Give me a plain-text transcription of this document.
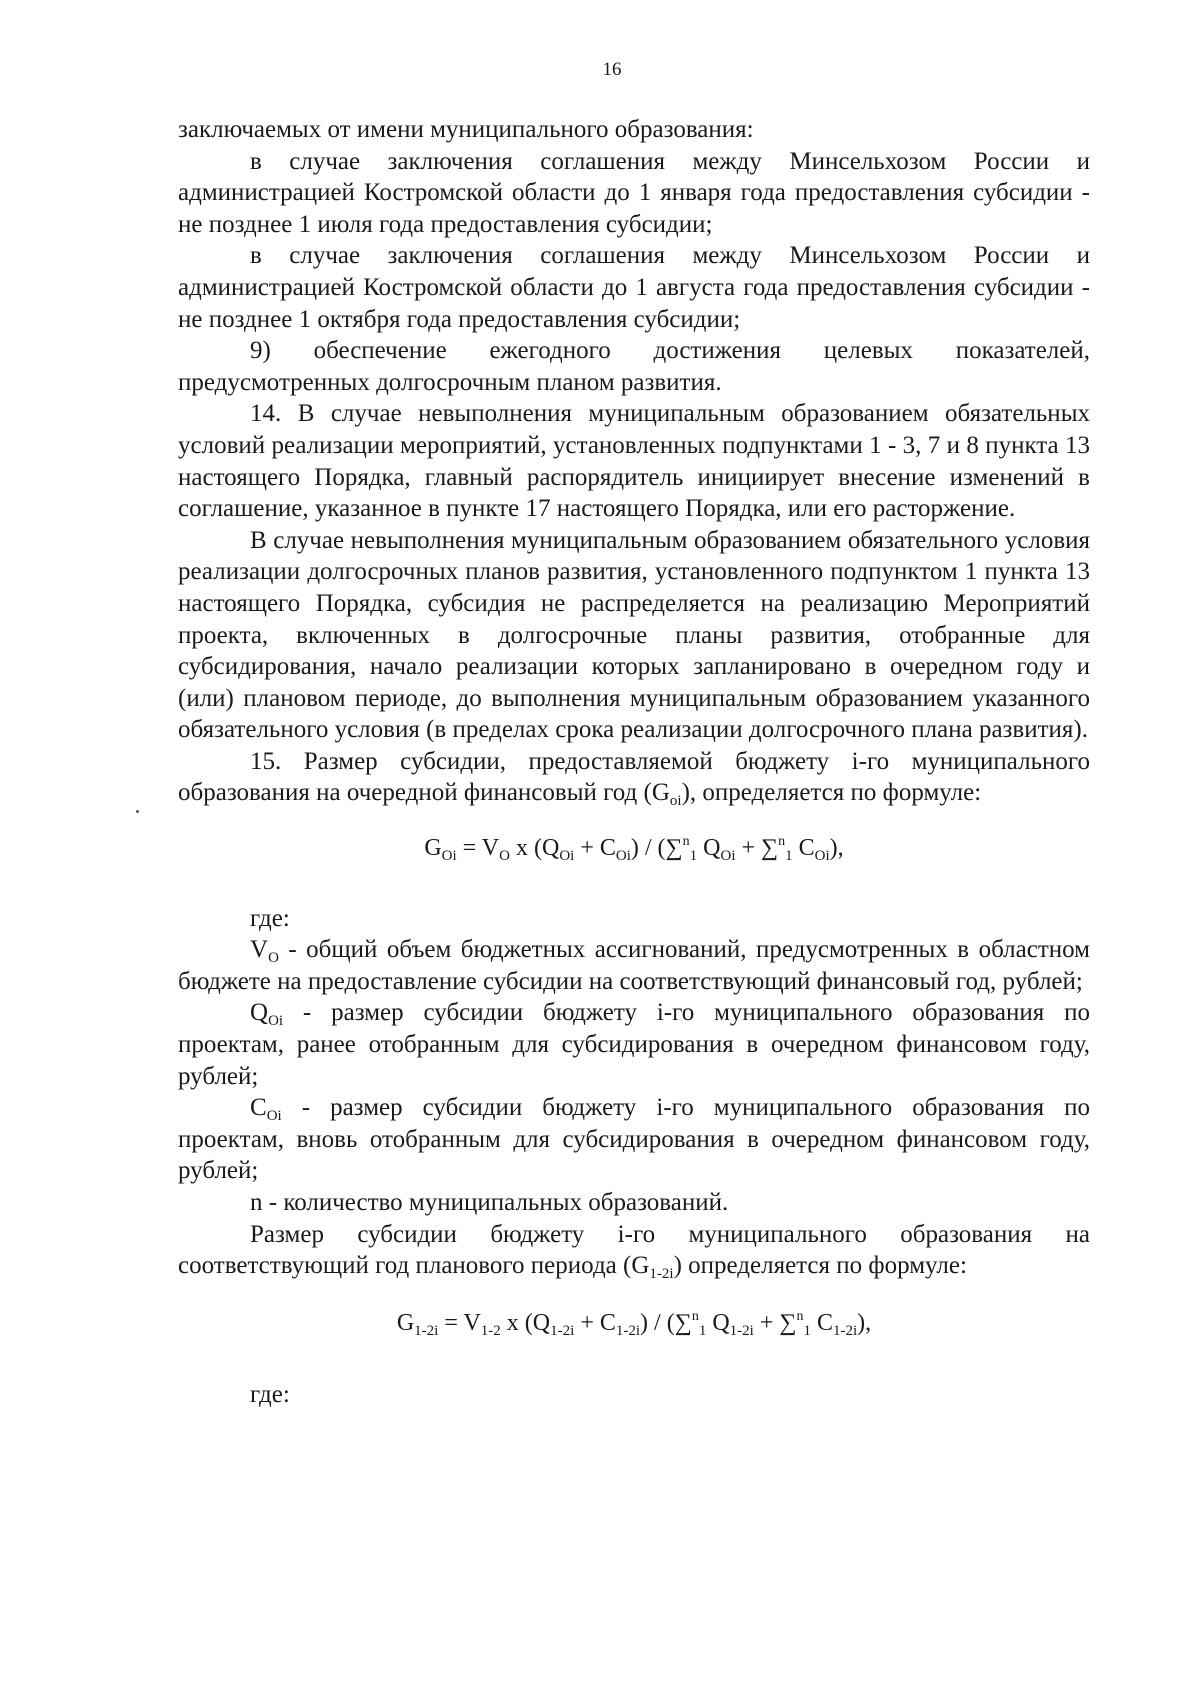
16

заключаемых от имени муниципального образования:

в случае заключения соглашения между Минсельхозом России и администрацией Костромской области до 1 января года предоставления субсидии - не позднее 1 июля года предоставления субсидии;

в случае заключения соглашения между Минсельхозом России и администрацией Костромской области до 1 августа года предоставления субсидии - не позднее 1 октября года предоставления субсидии;

9) обеспечение ежегодного достижения целевых показателей, предусмотренных долгосрочным планом развития.

14. В случае невыполнения муниципальным образованием обязательных условий реализации мероприятий, установленных подпунктами 1 - 3, 7 и 8 пункта 13 настоящего Порядка, главный распорядитель инициирует внесение изменений в соглашение, указанное в пункте 17 настоящего Порядка, или его расторжение.

В случае невыполнения муниципальным образованием обязательного условия реализации долгосрочных планов развития, установленного подпунктом 1 пункта 13 настоящего Порядка, субсидия не распределяется на реализацию Мероприятий проекта, включенных в долгосрочные планы развития, отобранные для субсидирования, начало реализации которых запланировано в очередном году и (или) плановом периоде, до выполнения муниципальным образованием указанного обязательного условия (в пределах срока реализации долгосрочного плана развития).

15. Размер субсидии, предоставляемой бюджету i-го муниципального образования на очередной финансовый год $(G_{oi})$, определяется по формуле:

$G_{Oi} = V_O$ x $(Q_{Oi} + C_{Oi}) / (\sum^n_1$ $Q_{Oi} + \sum^n_1$ $C_{Oi}$),

где:

$V_O$ - общий объем бюджетных ассигнований, предусмотренных в областном бюджете на предоставление субсидии на соответствующий финансовый год, рублей;

$Q_{Oi}$ - размер субсидии бюджету i-го муниципального образования по проектам, ранее отобранным для субсидирования в очередном финансовом году, рублей;

$C_{Oi}$ - размер субсидии бюджету i-го муниципального образования по проектам, вновь отобранным для субсидирования в очередном финансовом году, рублей;

n - количество муниципальных образований.

Размер субсидии бюджету i-го муниципального образования на соответствующий год планового периода $(G_{1-2i})$ определяется по формуле:

$G_{1-2i} = V_{1-2}$ x $(Q_{1-2i} + C_{1-2i}) / (\sum^n_1$ $Q_{1-2i} + \sum^n_1$ $C_{1-2i}$),

где:
